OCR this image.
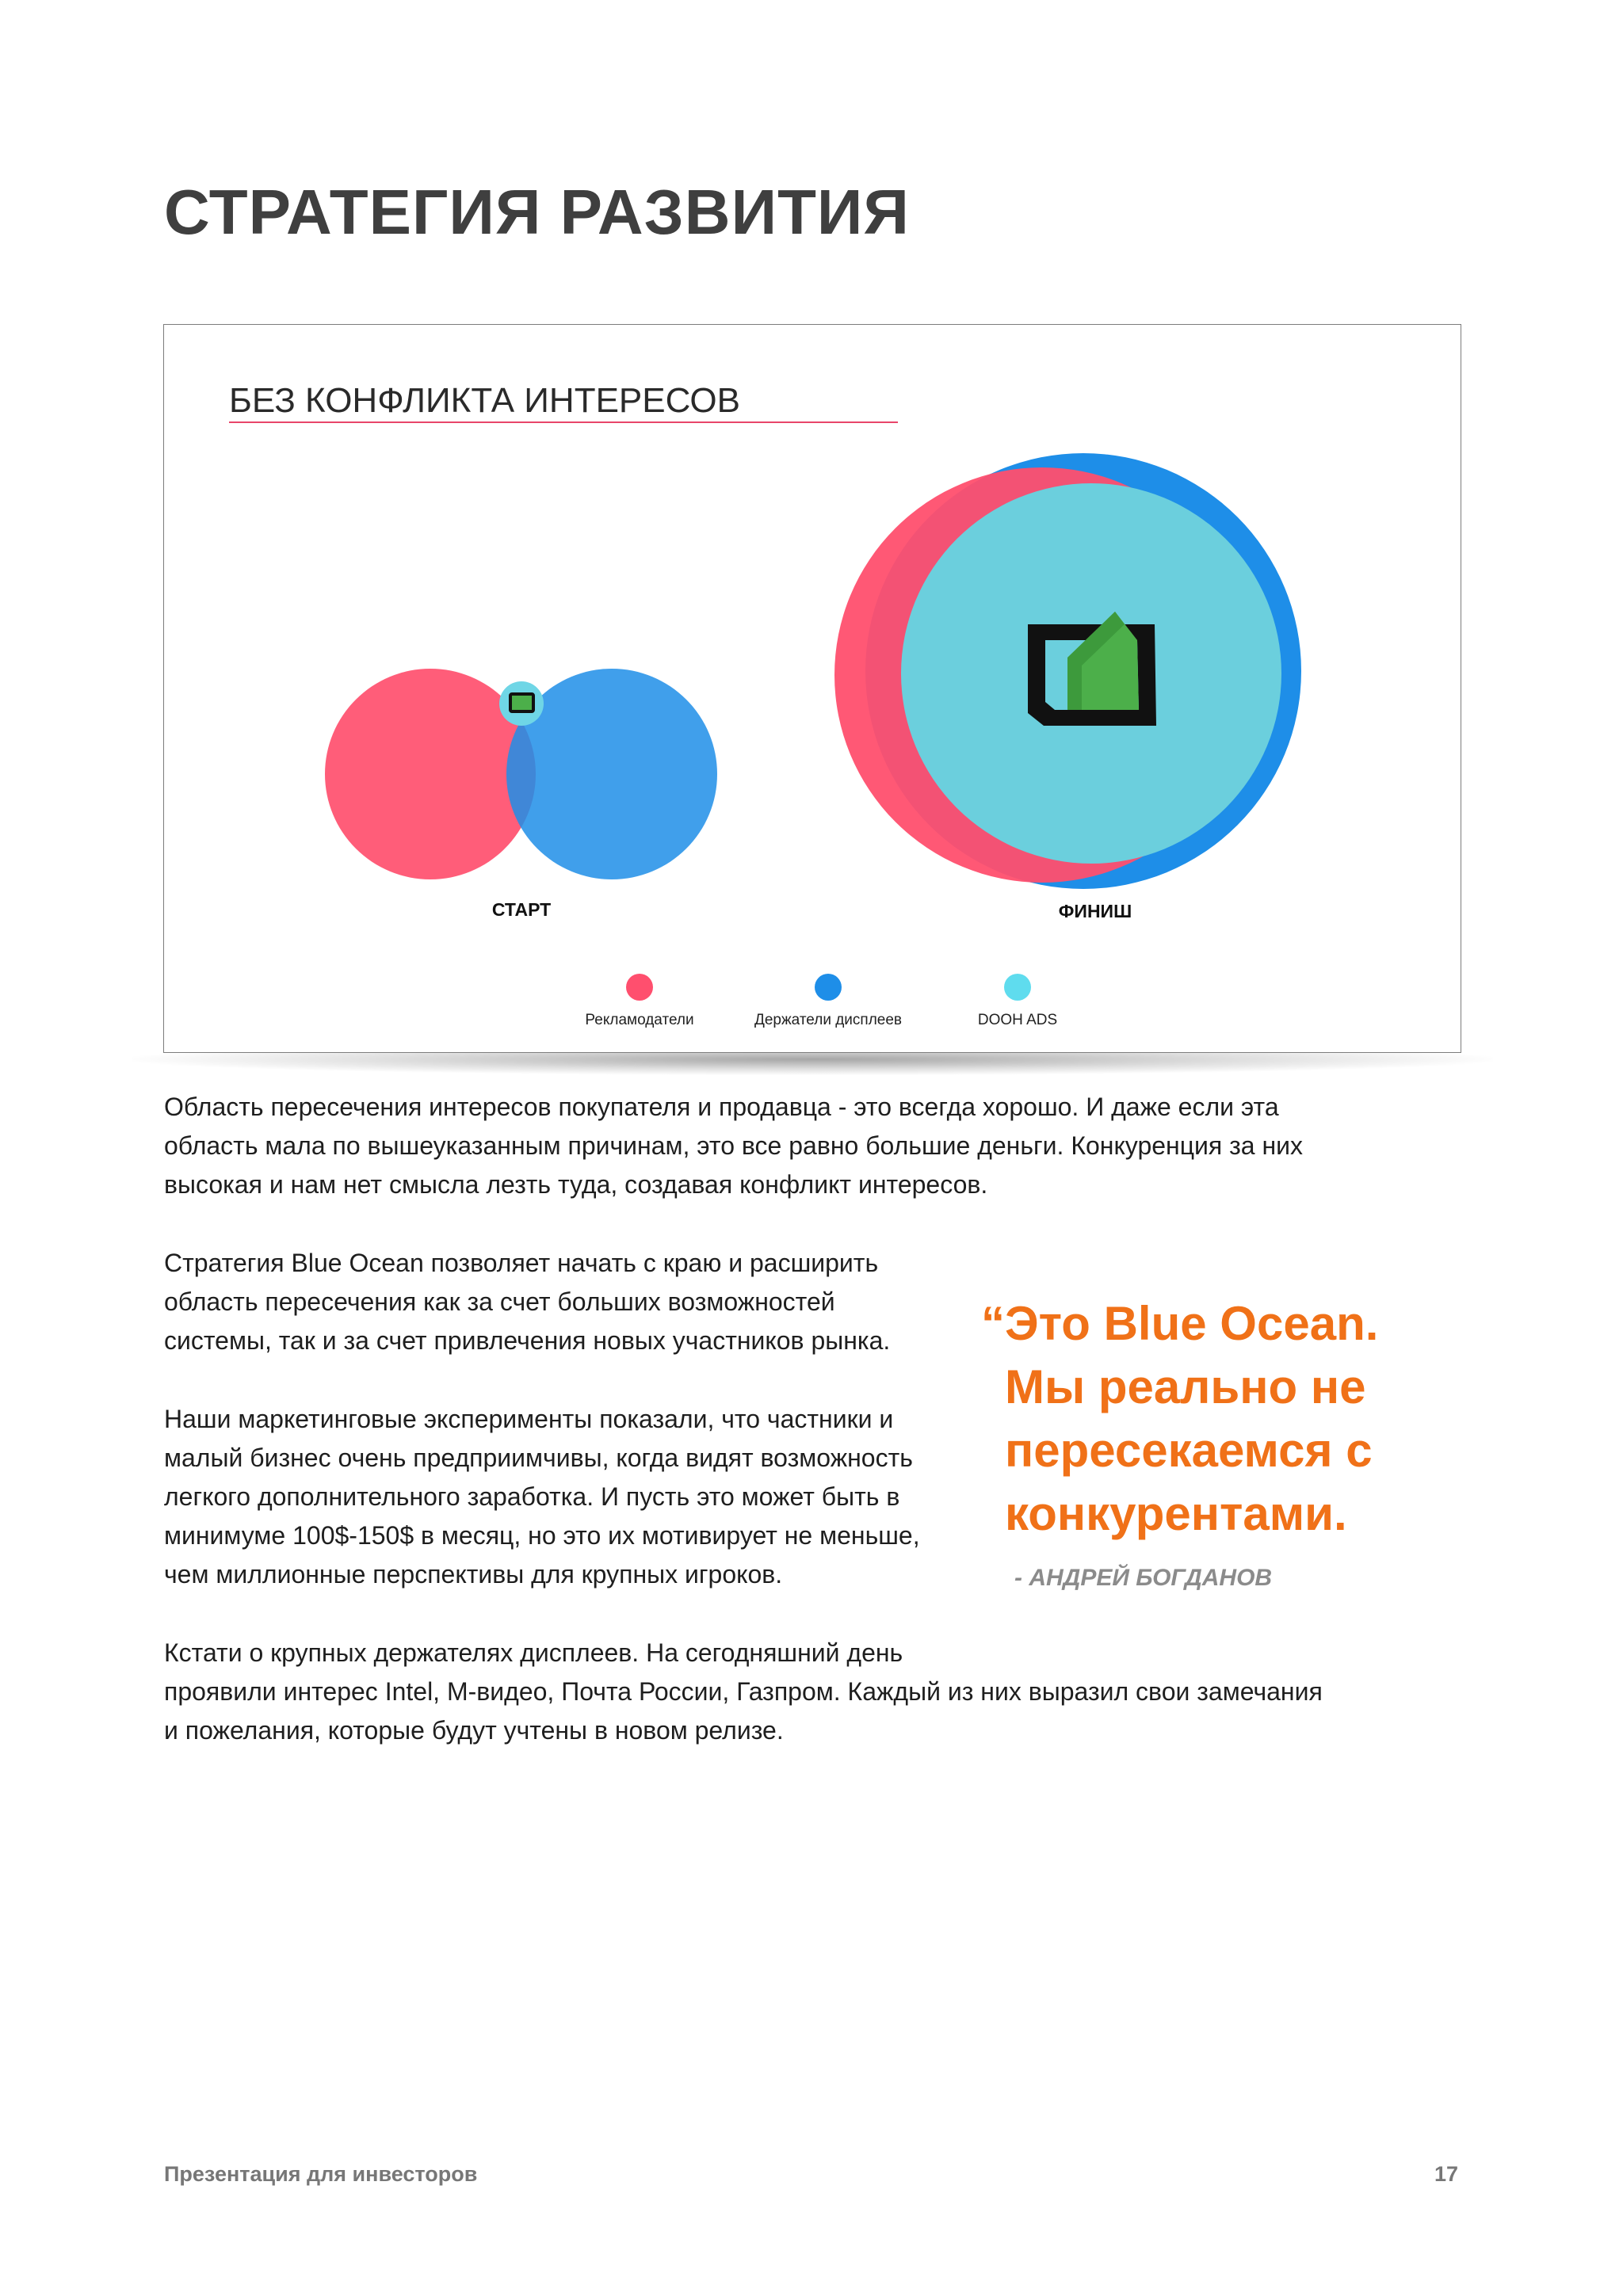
СТРАТЕГИЯ РАЗВИТИЯ
БЕЗ КОНФЛИКТА ИНТЕРЕСОВ
СТАРТ	ФИНИШ
Рекламодатели	Держатели дисплеев	DOOH ADS

Область пересечения интересов покупателя и продавца - это всегда хорошо. И даже если эта
область мала по вышеуказанным причинам, это все равно большие деньги. Конкуренция за них
высокая и нам нет смысла лезть туда, создавая конфликт интересов.

Стратегия Blue Ocean позволяет начать с краю и расширить
область пересечения как за счет больших возможностей
системы, так и за счет привлечения новых участников рынка.

Наши маркетинговые эксперименты показали, что частники и
малый бизнес очень предприимчивы, когда видят возможность
легкого дополнительного заработка. И пусть это может быть в
минимуме 100$-150$ в месяц, но это их мотивирует не меньше,
чем миллионные перспективы для крупных игроков.

Кстати о крупных держателях дисплеев. На сегодняшний день
проявили интерес Intel, М-видео, Почта России, Газпром. Каждый из них выразил свои замечания
и пожелания, которые будут учтены в новом релизе.

“ Это Blue Ocean.
Мы реально не
пересекаемся с
конкурентами.

- АНДРЕЙ БОГДАНОВ

Презентация для инвесторов	17
